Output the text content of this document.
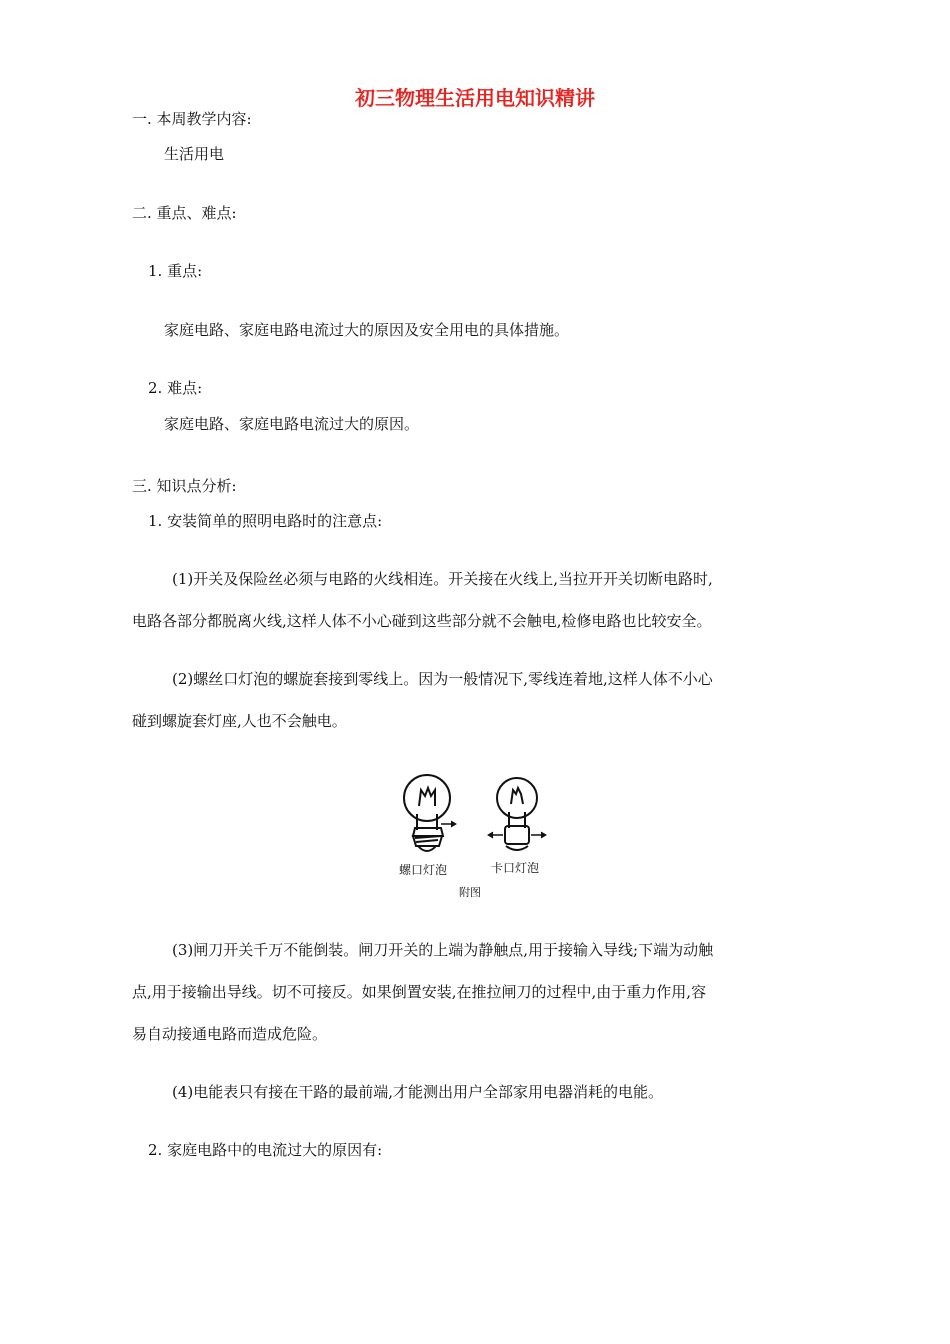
初三物理生活用电知识精讲
一. 本周教学内容:
生活用电
二. 重点、难点:
1. 重点:
家庭电路、家庭电路电流过大的原因及安全用电的具体措施。
2. 难点:
家庭电路、家庭电路电流过大的原因。
三. 知识点分析:
1. 安装简单的照明电路时的注意点:
(1)开关及保险丝必须与电路的火线相连。开关接在火线上,当拉开开关切断电路时,
电路各部分都脱离火线,这样人体不小心碰到这些部分就不会触电,检修电路也比较安全。
(2)螺丝口灯泡的螺旋套接到零线上。因为一般情况下,零线连着地,这样人体不小心
碰到螺旋套灯座,人也不会触电。
螺口灯泡	卡口灯泡
附图
(3)闸刀开关千万不能倒装。闸刀开关的上端为静触点,用于接输入导线;下端为动触
点,用于接输出导线。切不可接反。如果倒置安装,在推拉闸刀的过程中,由于重力作用,容
易自动接通电路而造成危险。
(4)电能表只有接在干路的最前端,才能测出用户全部家用电器消耗的电能。
2. 家庭电路中的电流过大的原因有:
